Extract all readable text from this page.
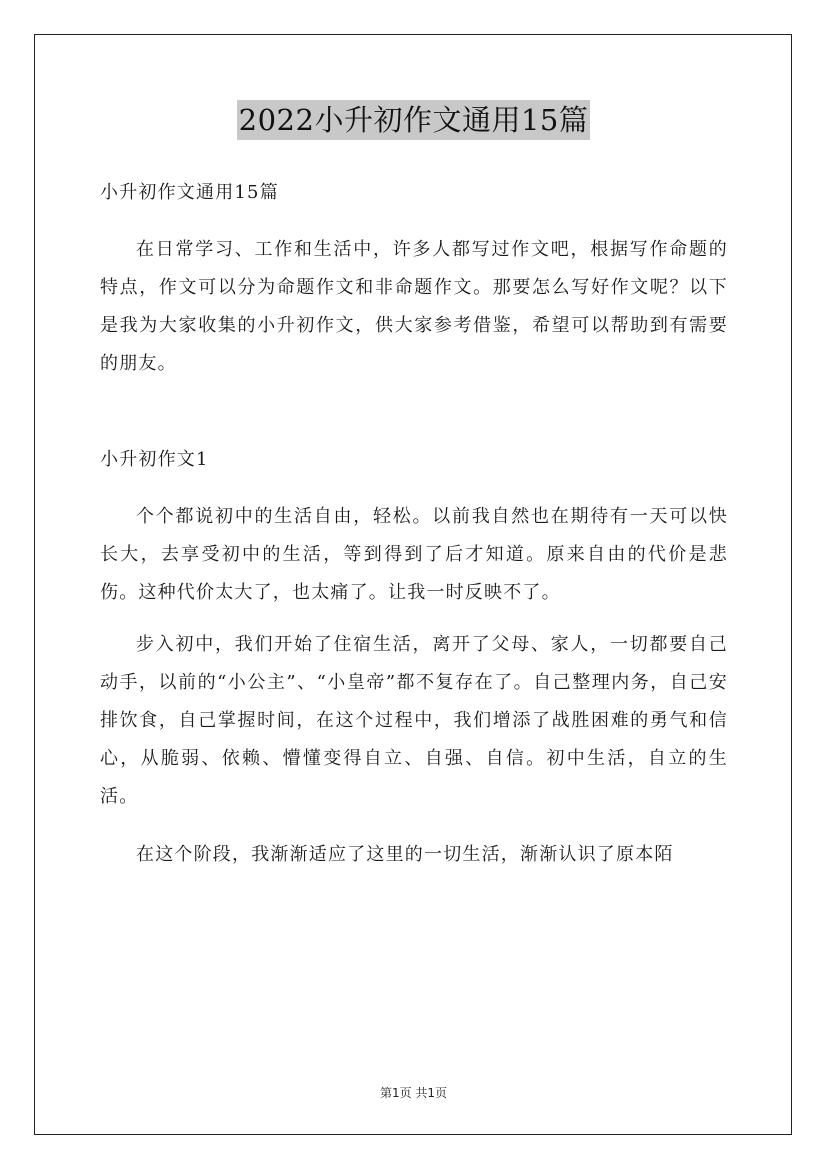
2022小升初作文通用15篇
小升初作文通用15篇

在日常学习、工作和生活中，许多人都写过作文吧，根据写作命题的特点，作文可以分为命题作文和非命题作文。那要怎么写好作文呢？以下是我为大家收集的小升初作文，供大家参考借鉴，希望可以帮助到有需要的朋友。

小升初作文1

个个都说初中的生活自由，轻松。以前我自然也在期待有一天可以快长大，去享受初中的生活，等到得到了后才知道。原来自由的代价是悲伤。这种代价太大了，也太痛了。让我一时反映不了。

步入初中，我们开始了住宿生活，离开了父母、家人，一切都要自己动手，以前的“小公主”、“小皇帝”都不复存在了。自己整理内务，自己安排饮食，自己掌握时间，在这个过程中，我们增添了战胜困难的勇气和信心，从脆弱、依赖、懵懂变得自立、自强、自信。初中生活，自立的生活。

在这个阶段，我渐渐适应了这里的一切生活，渐渐认识了原本陌

第1页 共1页
